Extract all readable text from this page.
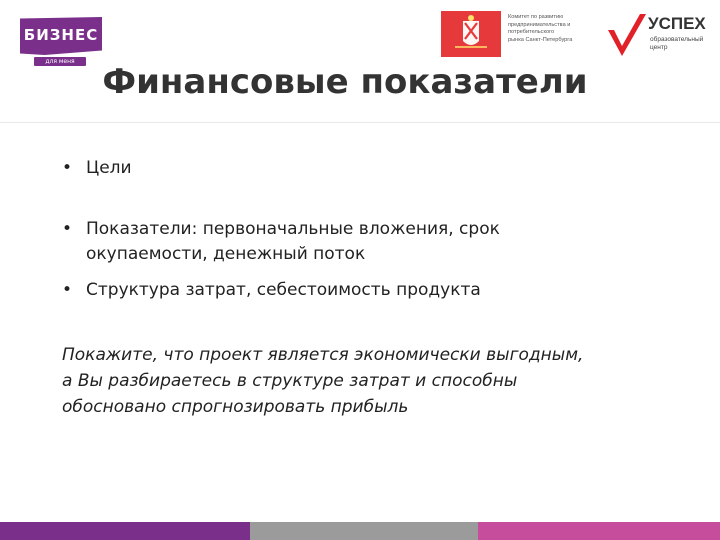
БИЗНЕС
для меня
Комитет по развитию
предпринимательства и
потребительского
рынка Санкт-Петербурга
УСПЕХ
образовательный
центр
Финансовые показатели
• Цели
• Показатели: первоначальные вложения, срок окупаемости, денежный поток
• Структура затрат, себестоимость продукта

Покажите, что проект является экономически выгодным,
а Вы разбираетесь в структуре затрат и способны
обосновано спрогнозировать прибыль
